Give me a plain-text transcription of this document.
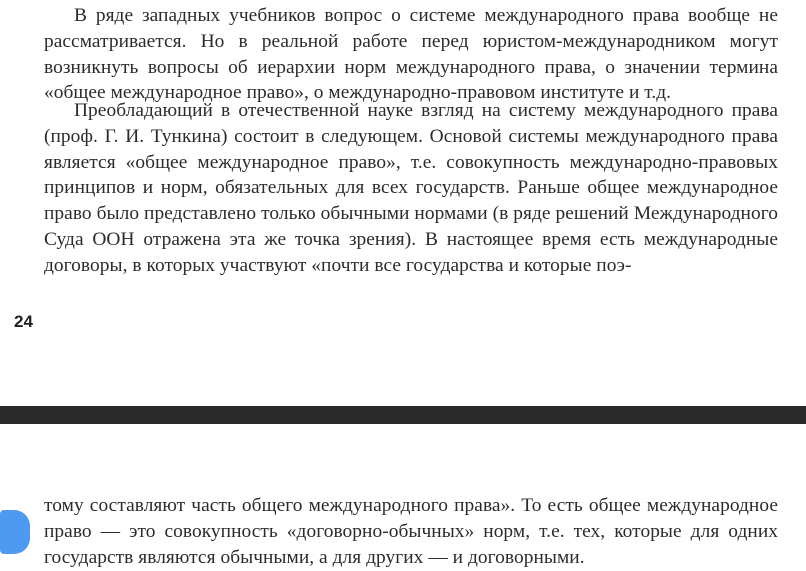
В ряде западных учебников вопрос о системе международного права вообще не рассматривается. Но в реальной работе перед юристом-международником могут возникнуть вопросы об иерархии норм международного права, о значении термина «общее международное право», о международно-правовом институте и т.д.

Преобладающий в отечественной науке взгляд на систему международного права (проф. Г. И. Тункина) состоит в следующем. Основой системы международного права является «общее международное право», т.е. совокупность международно-правовых принципов и норм, обязательных для всех государств. Раньше общее международное право было представлено только обычными нормами (в ряде решений Международного Суда ООН отражена эта же точка зрения). В настоящее время есть международные договоры, в которых участвуют «почти все государства и которые поэ-

24

тому составляют часть общего международного права». То есть общее международное право — это совокупность «договорно-обычных» норм, т.е. тех, которые для одних государств являются обычными, а для других — и договорными.
